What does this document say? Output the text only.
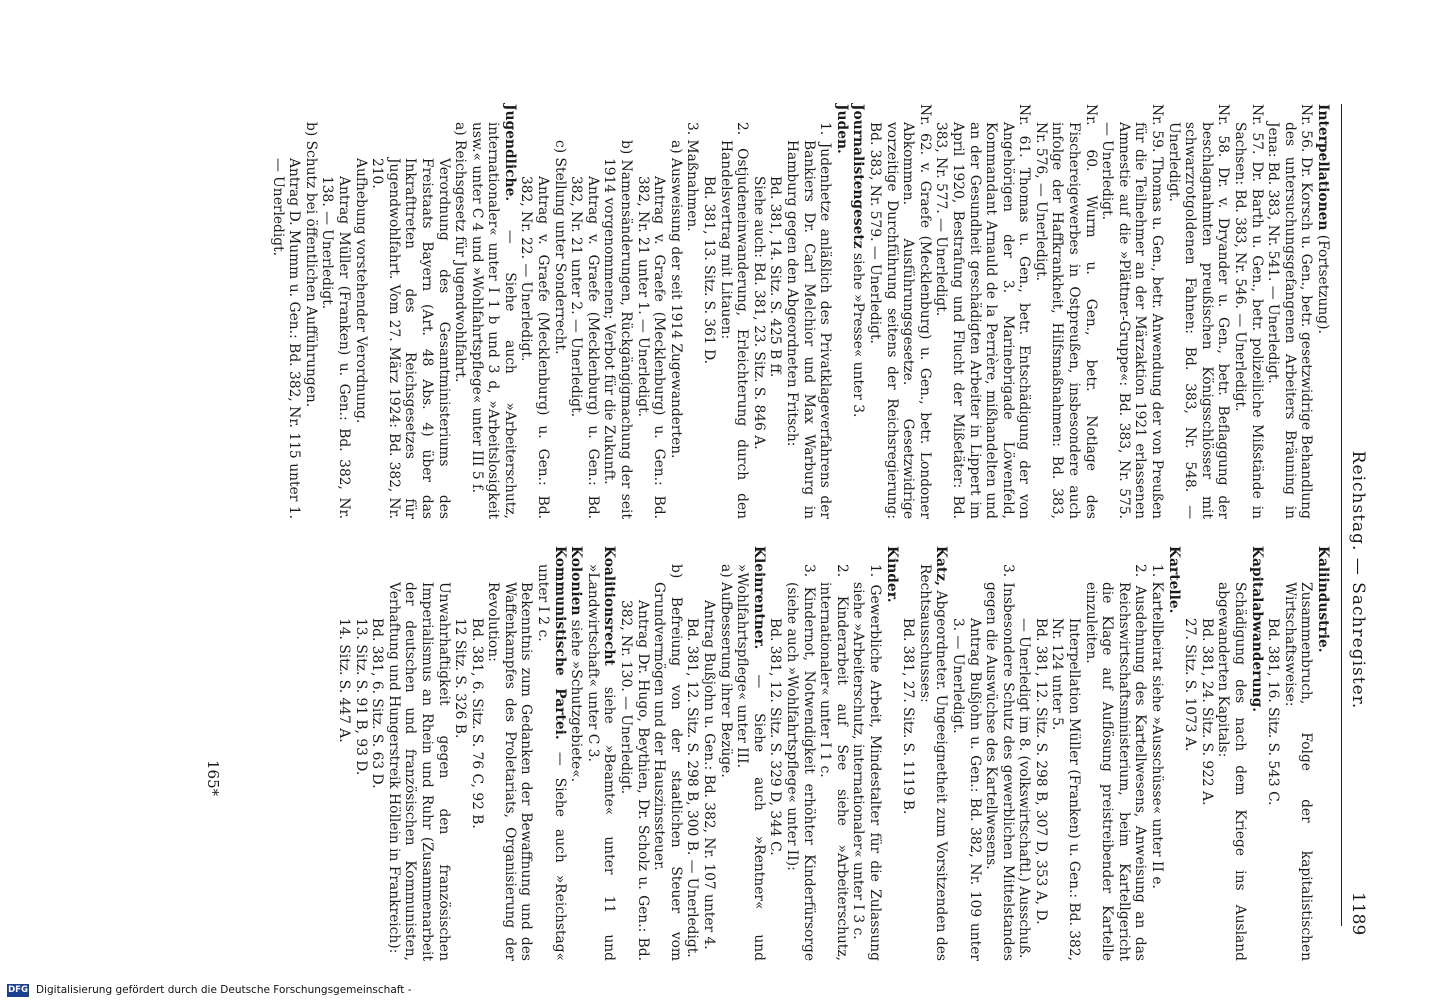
Reichstag. — Sachregister.
1189

Interpellationen (Fortsetzung).

Nr. 56. Dr. Korsch u. Gen., betr. gesetzwidrige Behandlung des untersuchungsgefangenen Arbeiters Bräuning in Jena: Bd. 383, Nr. 541. — Unerledigt.

Nr. 57. Dr. Barth u. Gen., betr. polizeiliche Mißstände in Sachsen: Bd. 383, Nr. 546. — Unerledigt.

Nr. 58. Dr. v. Dryander u. Gen., betr. Beflaggung der beschlagnahmten preußischen Königsschlösser mit schwarzrotgoldenen Fahnen: Bd. 383, Nr. 548. — Unerledigt.

Nr. 59. Thomas u. Gen., betr. Anwendung der von Preußen für die Teilnehmer an der Märzaktion 1921 erlassenen Amnestie auf die »Plättner-Gruppe«: Bd. 383, Nr. 575. — Unerledigt.

Nr. 60. Wurm u. Gen., betr. Notlage des Fischereigewerbes in Ostpreußen, insbesondere auch infolge der Haffkrankheit, Hilfsmaßnahmen: Bd. 383, Nr. 576, — Unerledigt.

Nr. 61. Thomas u. Gen., betr. Entschädigung der von Angehörigen der 3. Marinebrigade Löwenfeld, Kommandant Arnauld de la Perrière, mißhandelten und an der Gesundheit geschädigten Arbeiter in Lippert im April 1920, Bestrafung und Flucht der Mißetäter: Bd. 383, Nr. 577. — Unerledigt.

Nr. 62. v. Graefe (Mecklenburg) u. Gen., betr. Londoner Abkommen. Ausführungsgesetze. Gesetzwidrige vorzeitige Durchführung seitens der Reichsregierung: Bd. 383, Nr. 579. — Unerledigt.

Journalistengesetz siehe »Presse« unter 3.

Juden.

1. Judenhetze anläßlich des Privatklageverfahrens der Bankiers Dr. Carl Melchior und Max Warburg in Hamburg gegen den Abgeordneten Fritsch:

Bd. 381, 14. Sitz. S. 425 B ff.

Siehe auch: Bd. 381, 23. Sitz. S. 846 A.

2. Ostjudeneinwanderung, Erleichterung durch den Handelsvertrag mit Litauen:

Bd. 381, 13. Sitz. S. 361 D.

3. Maßnahmen.

a) Ausweisung der seit 1914 Zugewanderten.

Antrag v. Graefe (Mecklenburg) u. Gen.: Bd. 382, Nr. 21 unter 1. — Unerledigt.

b) Namensänderungen, Rückgängigmachung der seit 1914 vorgenommenen; Verbot für die Zukunft.

Antrag v. Graefe (Mecklenburg) u. Gen.: Bd. 382, Nr. 21 unter 2. — Unerledigt.

c) Stellung unter Sonderrecht.

Antrag v. Graefe (Mecklenburg) u. Gen.: Bd. 382, Nr. 22. — Unerledigt.

Jugendliche. — Siehe auch »Arbeiterschutz, internationaler« unter I 1 b und 3 d, »Arbeitslosigkeit usw.« unter C 4 und »Wohlfahrtspflege« unter III 5 f.

a) Reichsgesetz für Jugendwohlfahrt.

Verordnung des Gesamtministeriums des Freistaats Bayern (Art. 48 Abs. 4) über das Inkrafttreten des Reichsgesetzes für Jugendwohlfahrt. Vom 27. März 1924: Bd. 382, Nr. 210.

Aufhebung vorstehender Verordnung.

Antrag Müller (Franken) u. Gen.: Bd. 382, Nr. 138. — Unerledigt.

b) Schutz bei öffentlichen Aufführungen.

Antrag D. Mumm u. Gen.: Bd. 382, Nr. 115 unter 1. — Unerledigt.

Kaliindustrie.

Zusammenbruch, Folge der kapitalistischen Wirtschaftsweise:

Bd. 381, 16. Sitz. S. 543 C.

Kapitalabwanderung.

Schädigung des nach dem Kriege ins Ausland abgewanderten Kapitals:

Bd. 381, 24. Sitz. S. 922 A.

27. Sitz. S. 1073 A.

Kartelle.

1. Kartellbeirat siehe »Ausschüsse« unter II e.

2. Ausdehnung des Kartellwesens, Anweisung an das Reichswirtschaftsministerium, beim Kartellgericht die Klage auf Auflösung preistreibender Kartelle einzuleiten.

Interpellation Müller (Franken) u. Gen.: Bd. 382, Nr. 124 unter 5.

Bd. 381, 12. Sitz. S. 298 B, 307 D, 353 A, D.

— Unerledigt im 8. (volkswirtschaftl.) Ausschuß.

3. Insbesondere Schutz des gewerblichen Mittelstandes gegen die Auswüchse des Kartellwesens.

Antrag Bußjohn u. Gen.: Bd. 382, Nr. 109 unter 3. — Unerledigt.

Katz, Abgeordneter. Ungeeignetheit zum Vorsitzenden des Rechtsausschusses:

Bd. 381, 27. Sitz. S. 1119 B.

Kinder.

1. Gewerbliche Arbeit, Mindestalter für die Zulassung siehe »Arbeiterschutz, internationaler« unter I 3 c.

2. Kinderarbeit auf See siehe »Arbeiterschutz, internationaler« unter I 1 c.

3. Kindernot, Notwendigkeit erhöhter Kinderfürsorge (siehe auch »Wohlfahrtspflege« unter II):

Bd. 381, 12. Sitz. S. 329 D, 344 C.

Kleinrentner. — Siehe auch »Rentner« und »Wohlfahrtspflege« unter III.

a) Aufbesserung ihrer Bezüge.

Antrag Bußjohn u. Gen.: Bd. 382, Nr. 107 unter 4.

Bd. 381, 12. Sitz. S. 298 B, 300 B. — Unerledigt.

b) Befreiung von der staatlichen Steuer vom Grundvermögen und der Hauszinssteuer.

Antrag Dr. Hugo, Beythien, Dr. Scholz u. Gen.: Bd. 382, Nr. 130. — Unerledigt.

Koalitionsrecht siehe »Beamte« unter 11 und »Landwirtschaft« unter C 3.

Kolonien siehe »Schutzgebiete«.

Kommunistische Partei. — Siehe auch »Reichstag« unter I 2 c.

Bekenntnis zum Gedanken der Bewaffnung und des Waffenkampfes des Proletariats, Organisierung der Revolution:

Bd. 381, 6. Sitz. S. 76 C, 92 B.

12 Sitz. S. 326 B.

Unwahrhaftigkeit gegen den französischen Imperialismus an Rhein und Ruhr (Zusammenarbeit der deutschen und französischen Kommunisten, Verhaftung und Hungerstreik Höllein in Frankreich):

Bd. 381, 6. Sitz. S. 63 D.

13. Sitz. S. 91 B, 93 D.

14. Sitz. S. 447 A.

165*
Digitalisierung gefördert durch die Deutsche Forschungsgemeinschaft -
DFG
